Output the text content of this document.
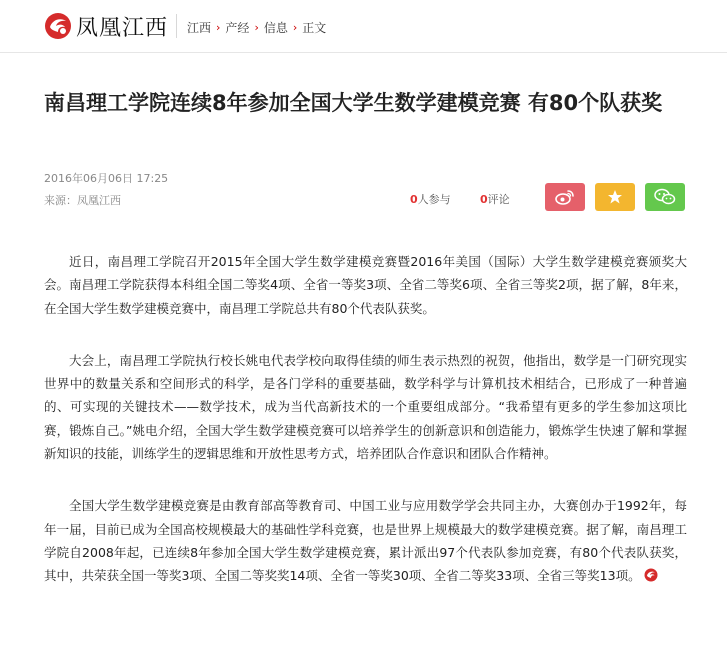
凤凰江西 江西 › 产经 › 信息 › 正文
南昌理工学院连续8年参加全国大学生数学建模竞赛 有80个队获奖
2016年06月06日 17:25
来源：凤凰江西	0人参与	0评论

近日，南昌理工学院召开2015年全国大学生数学建模竞赛暨2016年美国（国际）大学生数学建模竞赛颁奖大会。南昌理工学院获得本科组全国二等奖4项、全省一等奖3项、全省二等奖6项、全省三等奖2项，据了解，8年来，在全国大学生数学建模竞赛中，南昌理工学院总共有80个代表队获奖。

大会上，南昌理工学院执行校长姚电代表学校向取得佳绩的师生表示热烈的祝贺，他指出，数学是一门研究现实世界中的数量关系和空间形式的科学，是各门学科的重要基础，数学科学与计算机技术相结合，已形成了一种普遍的、可实现的关键技术——数学技术，成为当代高新技术的一个重要组成部分。“我希望有更多的学生参加这项比赛，锻炼自己。”姚电介绍，全国大学生数学建模竞赛可以培养学生的创新意识和创造能力，锻炼学生快速了解和掌握新知识的技能，训练学生的逻辑思维和开放性思考方式，培养团队合作意识和团队合作精神。

全国大学生数学建模竞赛是由教育部高等教育司、中国工业与应用数学学会共同主办，大赛创办于1992年，每年一届，目前已成为全国高校规模最大的基础性学科竞赛，也是世界上规模最大的数学建模竞赛。据了解，南昌理工学院自2008年起，已连续8年参加全国大学生数学建模竞赛，累计派出97个代表队参加竞赛，有80个代表队获奖，其中，共荣获全国一等奖3项、全国二等奖奖14项、全省一等奖30项、全省二等奖33项、全省三等奖13项。
